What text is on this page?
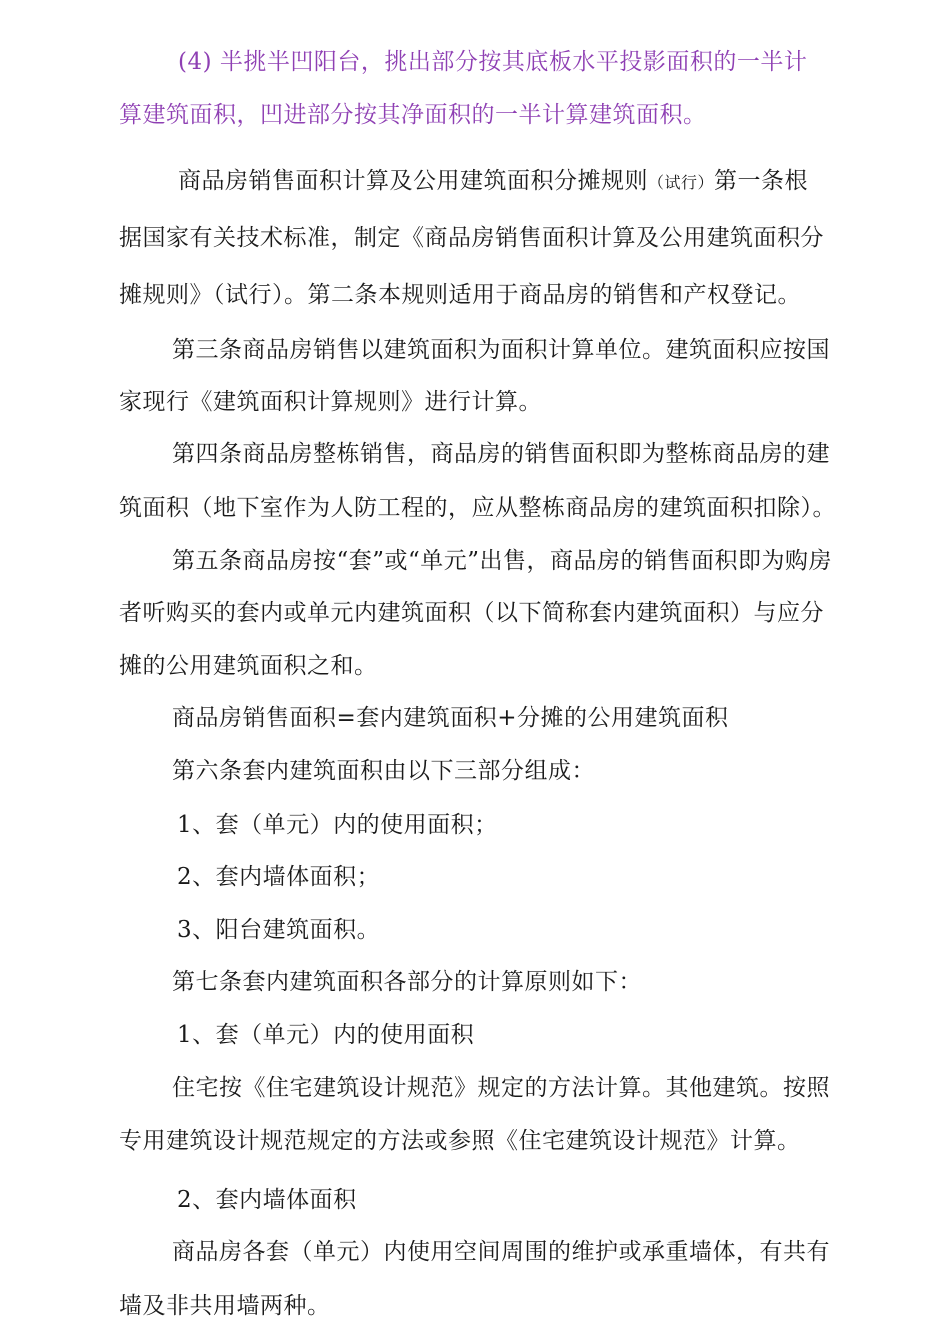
(4) 半挑半凹阳台，挑出部分按其底板水平投影面积的一半计
算建筑面积，凹进部分按其净面积的一半计算建筑面积。
商品房销售面积计算及公用建筑面积分摊规则（试行）第一条根
据国家有关技术标准，制定《商品房销售面积计算及公用建筑面积分
摊规则》（试行）。第二条本规则适用于商品房的销售和产权登记。
第三条商品房销售以建筑面积为面积计算单位。建筑面积应按国
家现行《建筑面积计算规则》进行计算。
第四条商品房整栋销售，商品房的销售面积即为整栋商品房的建
筑面积（地下室作为人防工程的，应从整栋商品房的建筑面积扣除）。
第五条商品房按“套”或“单元”出售，商品房的销售面积即为购房
者听购买的套内或单元内建筑面积（以下简称套内建筑面积）与应分
摊的公用建筑面积之和。
商品房销售面积=套内建筑面积+分摊的公用建筑面积
第六条套内建筑面积由以下三部分组成：
1、套（单元）内的使用面积；
2、套内墙体面积；
3、阳台建筑面积。
第七条套内建筑面积各部分的计算原则如下：
1、套（单元）内的使用面积
住宅按《住宅建筑设计规范》规定的方法计算。其他建筑。按照
专用建筑设计规范规定的方法或参照《住宅建筑设计规范》计算。
2、套内墙体面积
商品房各套（单元）内使用空间周围的维护或承重墙体，有共有
墙及非共用墙两种。
